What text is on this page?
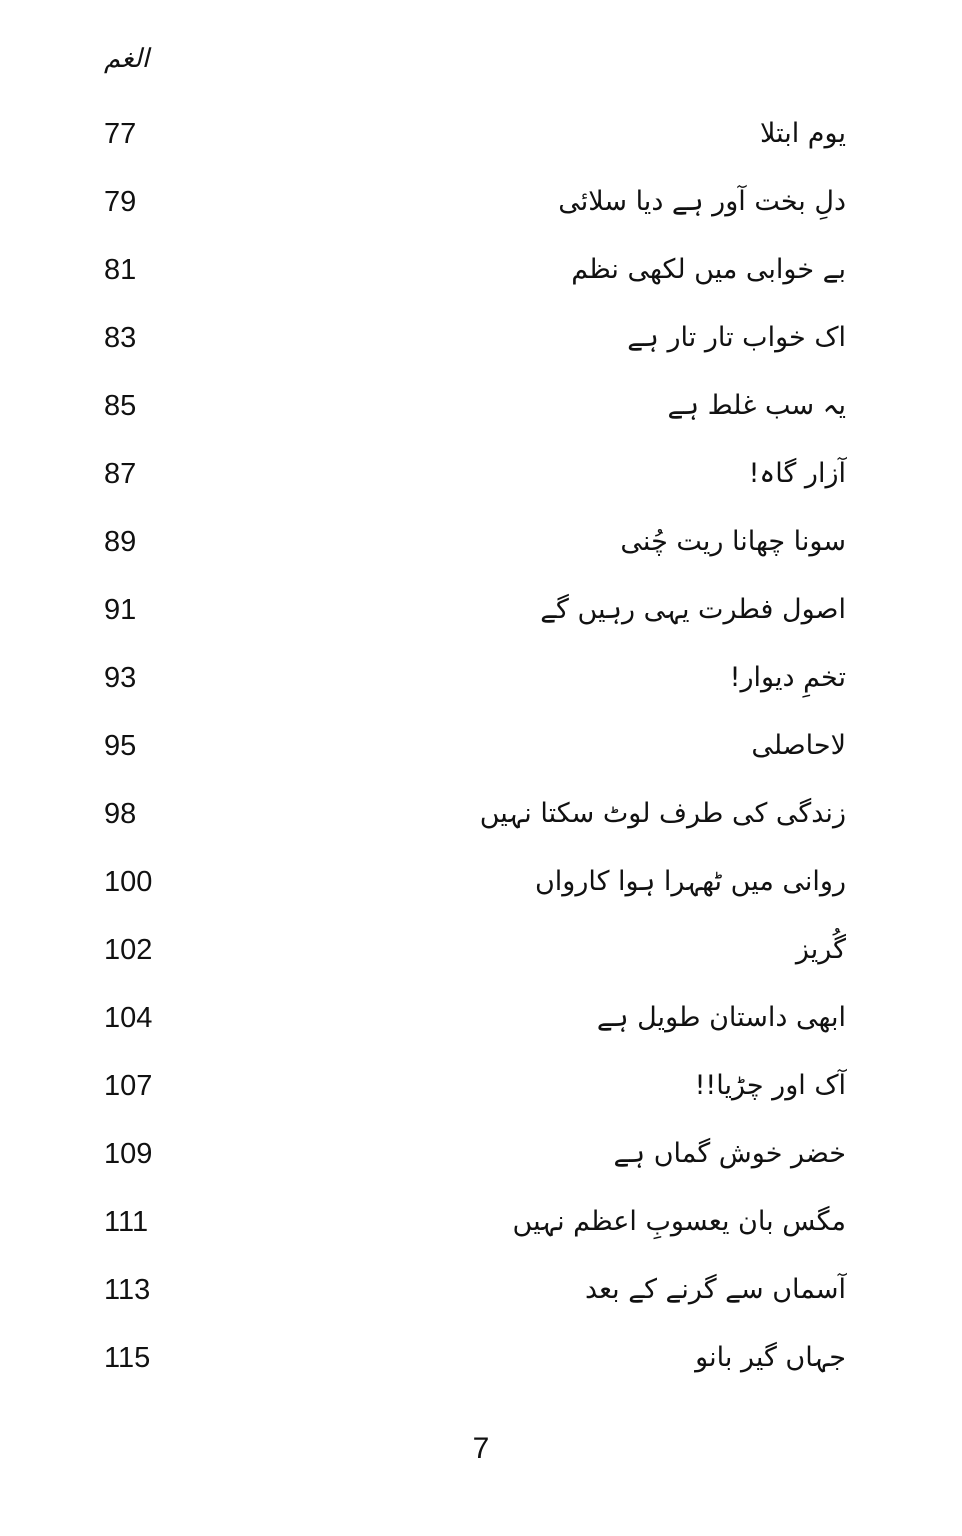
الغم
77	یوم ابتلا
79	دلِ بخت آور ہے دیا سلائی
81	بے خوابی میں لکھی نظم
83	اک خواب تار تار ہے
85	یہ سب غلط ہے
87	آزار گاہ!
89	سونا چھانا ریت چُنی
91	اصول فطرت یہی رہیں گے
93	تخمِ دیوار!
95	لاحاصلی
98	زندگی کی طرف لوٹ سکتا نہیں
100	روانی میں ٹھہرا ہوا کارواں
102	گُریز
104	ابھی داستان طویل ہے
107	آک اور چڑیا!!
109	خضر خوش گماں ہے
111	مگس بان یعسوبِ اعظم نہیں
113	آسماں سے گرنے کے بعد
115	جہاں گیر بانو
7
